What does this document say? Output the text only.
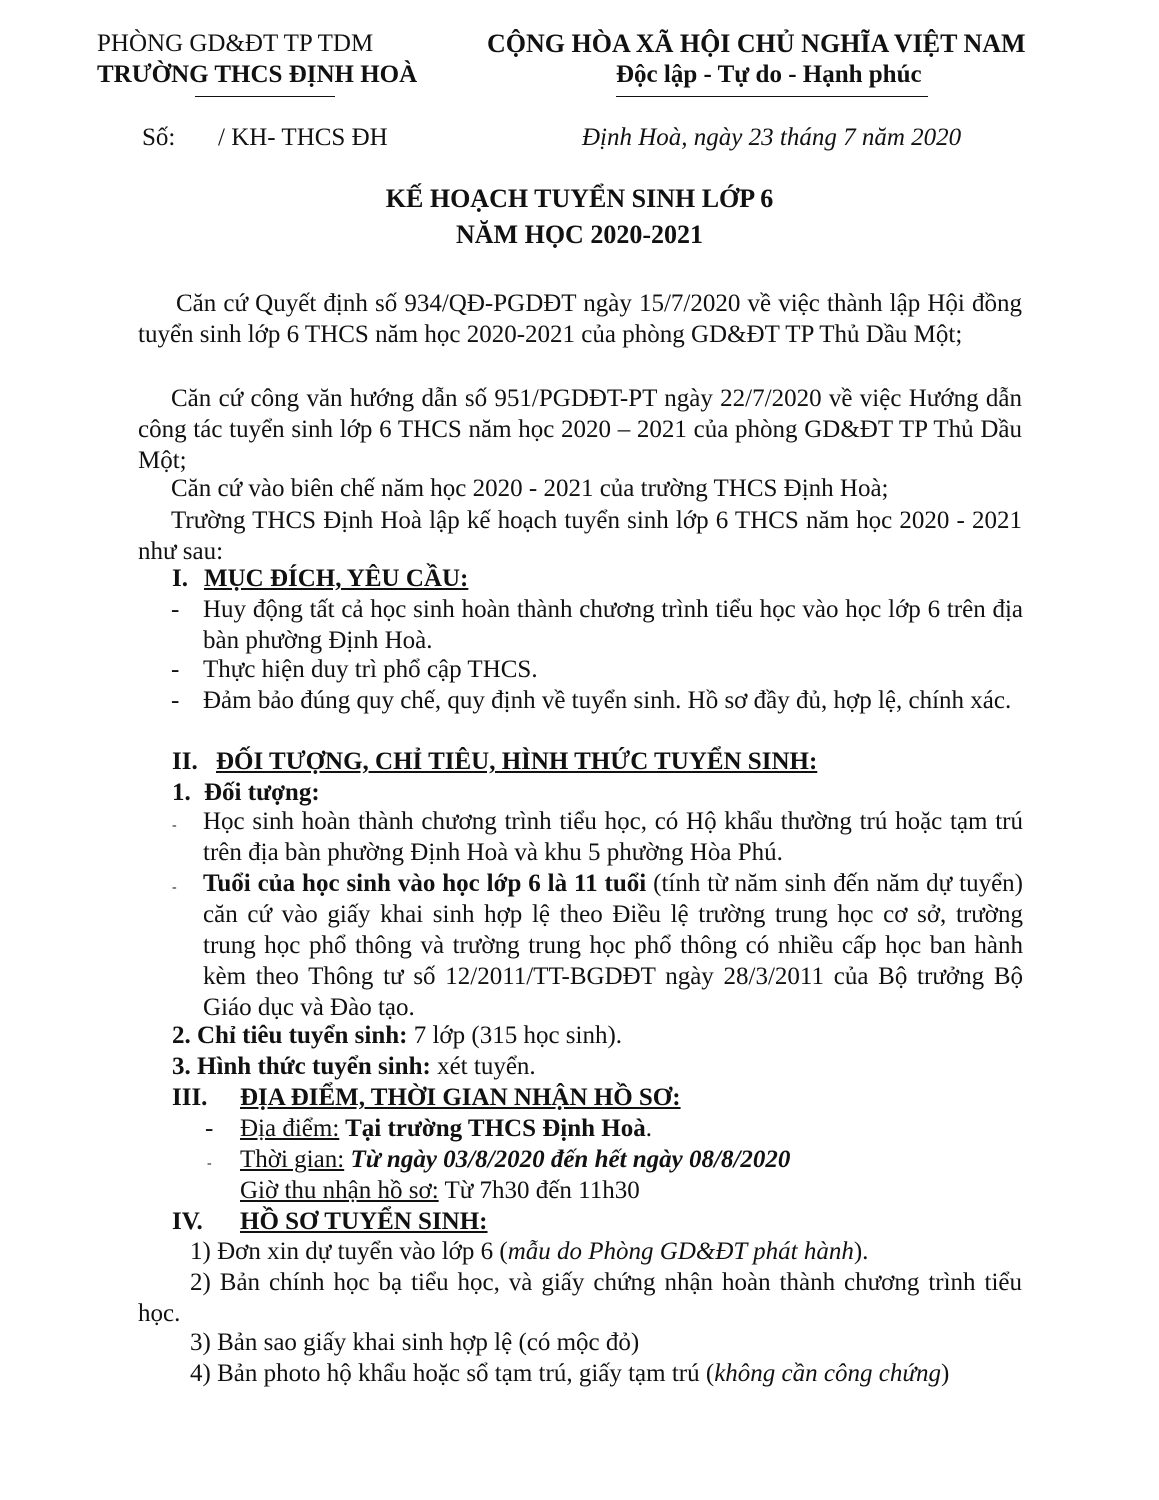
PHÒNG GD&ĐT TP TDM
TRƯỜNG THCS ĐỊNH HOÀ
CỘNG HÒA XÃ HỘI CHỦ NGHĨA VIỆT NAM
Độc lập - Tự do - Hạnh phúc
Số: / KH- THCS ĐH	Định Hoà, ngày 23 tháng 7 năm 2020
KẾ HOẠCH TUYỂN SINH LỚP 6
NĂM HỌC 2020-2021
Căn cứ Quyết định số 934/QĐ-PGDĐT ngày 15/7/2020 về việc thành lập Hội đồng tuyển sinh lớp 6 THCS năm học 2020-2021 của phòng GD&ĐT TP Thủ Dầu Một;
Căn cứ công văn hướng dẫn số 951/PGDĐT-PT ngày 22/7/2020 về việc Hướng dẫn công tác tuyển sinh lớp 6 THCS năm học 2020 – 2021 của phòng GD&ĐT TP Thủ Dầu Một;
Căn cứ vào biên chế năm học 2020 - 2021 của trường THCS Định Hoà;
Trường THCS Định Hoà lập kế hoạch tuyển sinh lớp 6 THCS năm học 2020 - 2021 như sau:
I. MỤC ĐÍCH, YÊU CẦU:
- Huy động tất cả học sinh hoàn thành chương trình tiểu học vào học lớp 6 trên địa bàn phường Định Hoà.
- Thực hiện duy trì phổ cập THCS.
- Đảm bảo đúng quy chế, quy định về tuyển sinh. Hồ sơ đầy đủ, hợp lệ, chính xác.
II. ĐỐI TƯỢNG, CHỈ TIÊU, HÌNH THỨC TUYỂN SINH:
1. Đối tượng:
- Học sinh hoàn thành chương trình tiểu học, có Hộ khẩu thường trú hoặc tạm trú trên địa bàn phường Định Hoà và khu 5 phường Hòa Phú.
- Tuổi của học sinh vào học lớp 6 là 11 tuổi (tính từ năm sinh đến năm dự tuyển) căn cứ vào giấy khai sinh hợp lệ theo Điều lệ trường trung học cơ sở, trường trung học phổ thông và trường trung học phổ thông có nhiều cấp học ban hành kèm theo Thông tư số 12/2011/TT-BGDĐT ngày 28/3/2011 của Bộ trưởng Bộ Giáo dục và Đào tạo.
2. Chỉ tiêu tuyển sinh: 7 lớp (315 học sinh).
3. Hình thức tuyển sinh: xét tuyển.
III. ĐỊA ĐIỂM, THỜI GIAN NHẬN HỒ SƠ:
- Địa điểm: Tại trường THCS Định Hoà.
- Thời gian: Từ ngày 03/8/2020 đến hết ngày 08/8/2020
Giờ thu nhận hồ sơ: Từ 7h30 đến 11h30
IV. HỒ SƠ TUYỂN SINH:
1) Đơn xin dự tuyển vào lớp 6 (mẫu do Phòng GD&ĐT phát hành).
2) Bản chính học bạ tiểu học, và giấy chứng nhận hoàn thành chương trình tiểu học.
3) Bản sao giấy khai sinh hợp lệ (có mộc đỏ)
4) Bản photo hộ khẩu hoặc sổ tạm trú, giấy tạm trú (không cần công chứng)
